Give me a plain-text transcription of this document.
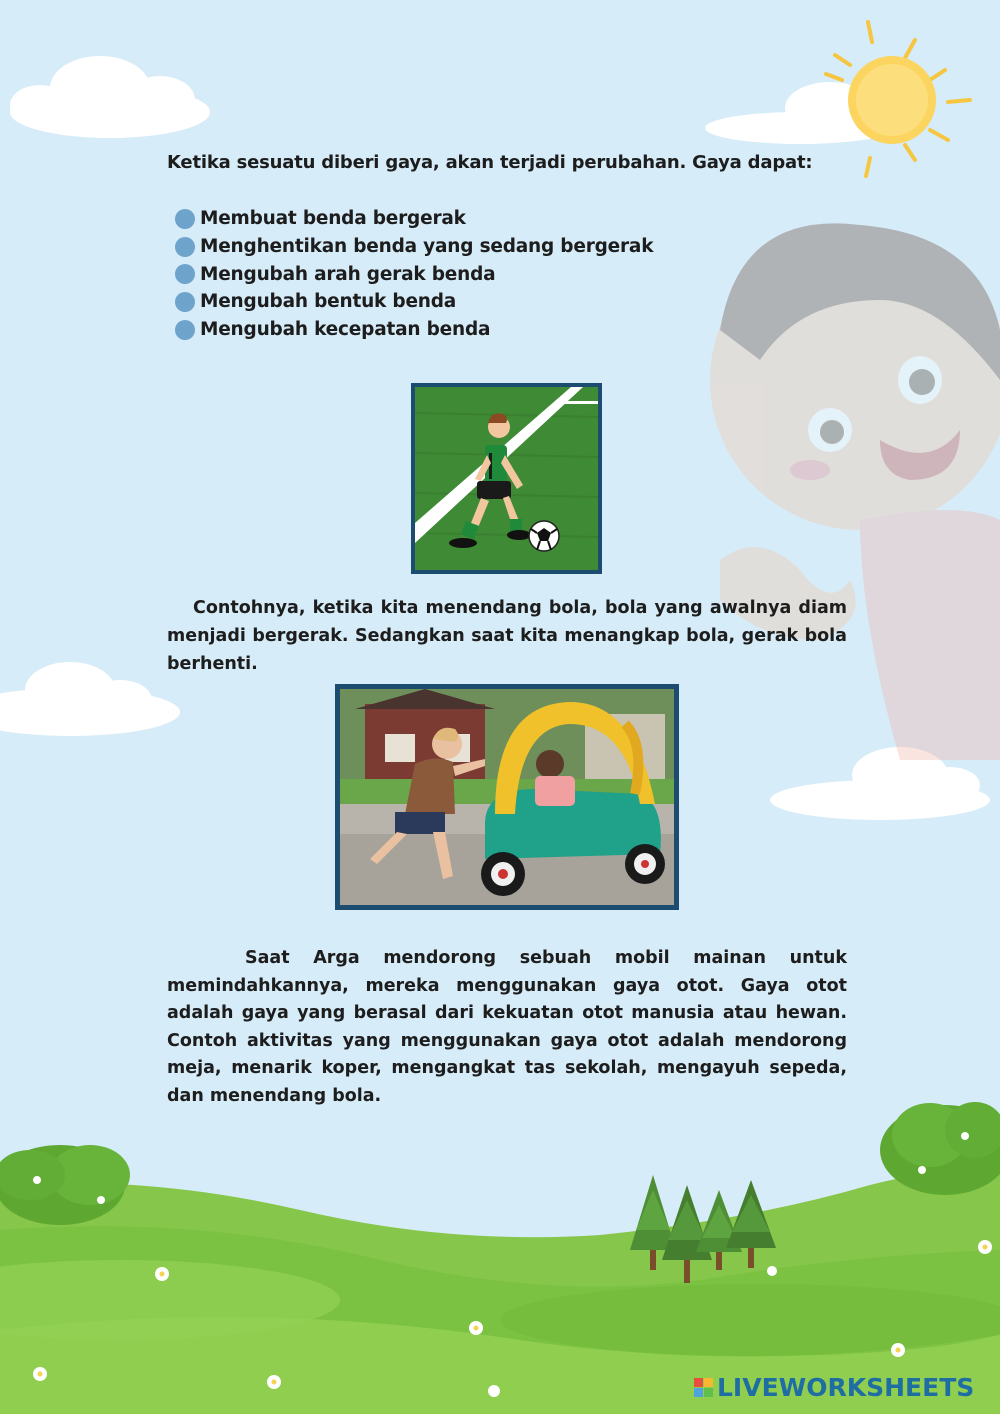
Ketika sesuatu diberi gaya, akan terjadi perubahan. Gaya dapat:

Membuat benda bergerak
Menghentikan benda yang sedang bergerak
Mengubah arah gerak benda
Mengubah bentuk benda
Mengubah kecepatan benda

Contohnya, ketika kita menendang bola, bola yang awalnya diam menjadi bergerak. Sedangkan saat kita menangkap bola, gerak bola berhenti.

Saat Arga mendorong sebuah mobil mainan untuk memindahkannya, mereka menggunakan gaya otot. Gaya otot adalah gaya yang berasal dari kekuatan otot manusia atau hewan. Contoh aktivitas yang menggunakan gaya otot adalah mendorong meja, menarik koper, mengangkat tas sekolah, mengayuh sepeda, dan menendang bola.

LIVEWORKSHEETS
